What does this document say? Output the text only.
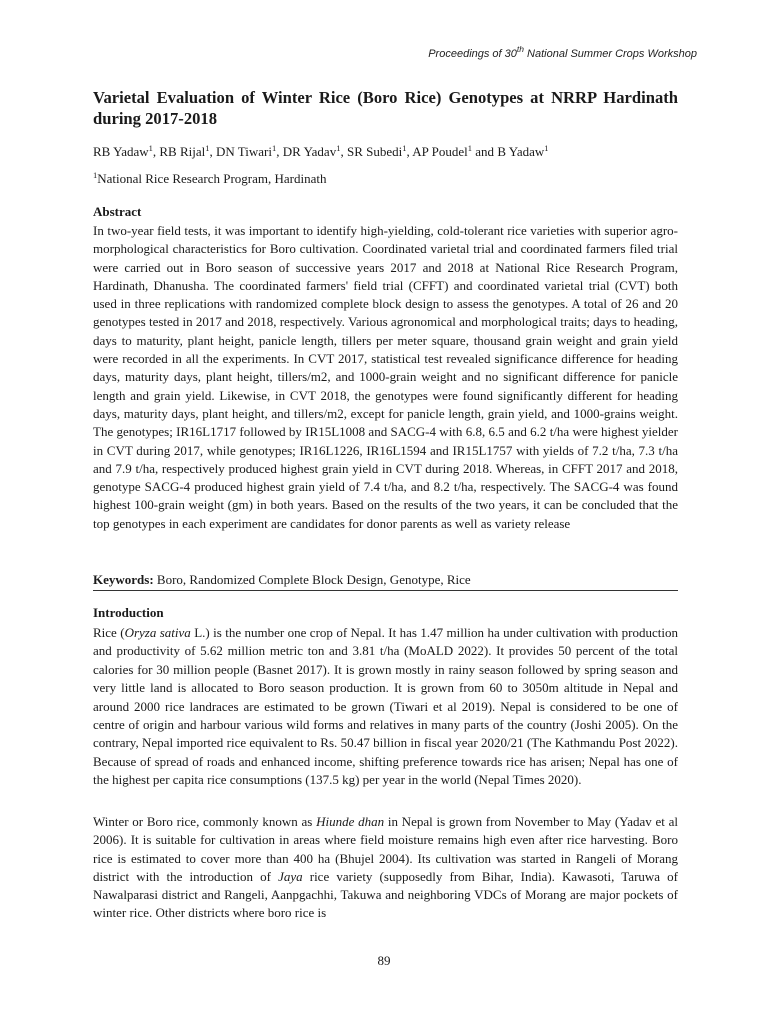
Proceedings of 30th National Summer Crops Workshop
Varietal Evaluation of Winter Rice (Boro Rice) Genotypes at NRRP Hardinath during 2017-2018
RB Yadaw$^1$, RB Rijal$^1$, DN Tiwari$^1$, DR Yadav$^1$, SR Subedi$^1$, AP Poudel$^1$ and B Yadaw$^1$
$^1$National Rice Research Program, Hardinath
Abstract

In two-year field tests, it was important to identify high-yielding, cold-tolerant rice varieties with superior agro-morphological characteristics for Boro cultivation. Coordinated varietal trial and coordinated farmers filed trial were carried out in Boro season of successive years 2017 and 2018 at National Rice Research Program, Hardinath, Dhanusha. The coordinated farmers' field trial (CFFT) and coordinated varietal trial (CVT) both used in three replications with randomized complete block design to assess the genotypes. A total of 26 and 20 genotypes tested in 2017 and 2018, respectively. Various agronomical and morphological traits; days to heading, days to maturity, plant height, panicle length, tillers per meter square, thousand grain weight and grain yield were recorded in all the experiments. In CVT 2017, statistical test revealed significance difference for heading days, maturity days, plant height, tillers/m2, and 1000-grain weight and no significant difference for panicle length and grain yield. Likewise, in CVT 2018, the genotypes were found significantly different for heading days, maturity days, plant height, and tillers/m2, except for panicle length, grain yield, and 1000-grains weight. The genotypes; IR16L1717 followed by IR15L1008 and SACG-4 with 6.8, 6.5 and 6.2 t/ha were highest yielder in CVT during 2017, while genotypes; IR16L1226, IR16L1594 and IR15L1757 with yields of 7.2 t/ha, 7.3 t/ha and 7.9 t/ha, respectively produced highest grain yield in CVT during 2018. Whereas, in CFFT 2017 and 2018, genotype SACG-4 produced highest grain yield of 7.4 t/ha, and 8.2 t/ha, respectively. The SACG-4 was found highest 100-grain weight (gm) in both years. Based on the results of the two years, it can be concluded that the top genotypes in each experiment are candidates for donor parents as well as variety release

Keywords: Boro, Randomized Complete Block Design, Genotype, Rice
Introduction

Rice (Oryza sativa L.) is the number one crop of Nepal. It has 1.47 million ha under cultivation with production and productivity of 5.62 million metric ton and 3.81 t/ha (MoALD 2022). It provides 50 percent of the total calories for 30 million people (Basnet 2017). It is grown mostly in rainy season followed by spring season and very little land is allocated to Boro season production. It is grown from 60 to 3050m altitude in Nepal and around 2000 rice landraces are estimated to be grown (Tiwari et al 2019). Nepal is considered to be one of centre of origin and harbour various wild forms and relatives in many parts of the country (Joshi 2005). On the contrary, Nepal imported rice equivalent to Rs. 50.47 billion in fiscal year 2020/21 (The Kathmandu Post 2022). Because of spread of roads and enhanced income, shifting preference towards rice has arisen; Nepal has one of the highest per capita rice consumptions (137.5 kg) per year in the world (Nepal Times 2020).

Winter or Boro rice, commonly known as Hiunde dhan in Nepal is grown from November to May (Yadav et al 2006). It is suitable for cultivation in areas where field moisture remains high even after rice harvesting. Boro rice is estimated to cover more than 400 ha (Bhujel 2004). Its cultivation was started in Rangeli of Morang district with the introduction of Jaya rice variety (supposedly from Bihar, India). Kawasoti, Taruwa of Nawalparasi district and Rangeli, Aanpgachhi, Takuwa and neighboring VDCs of Morang are major pockets of winter rice. Other districts where boro rice is

89
